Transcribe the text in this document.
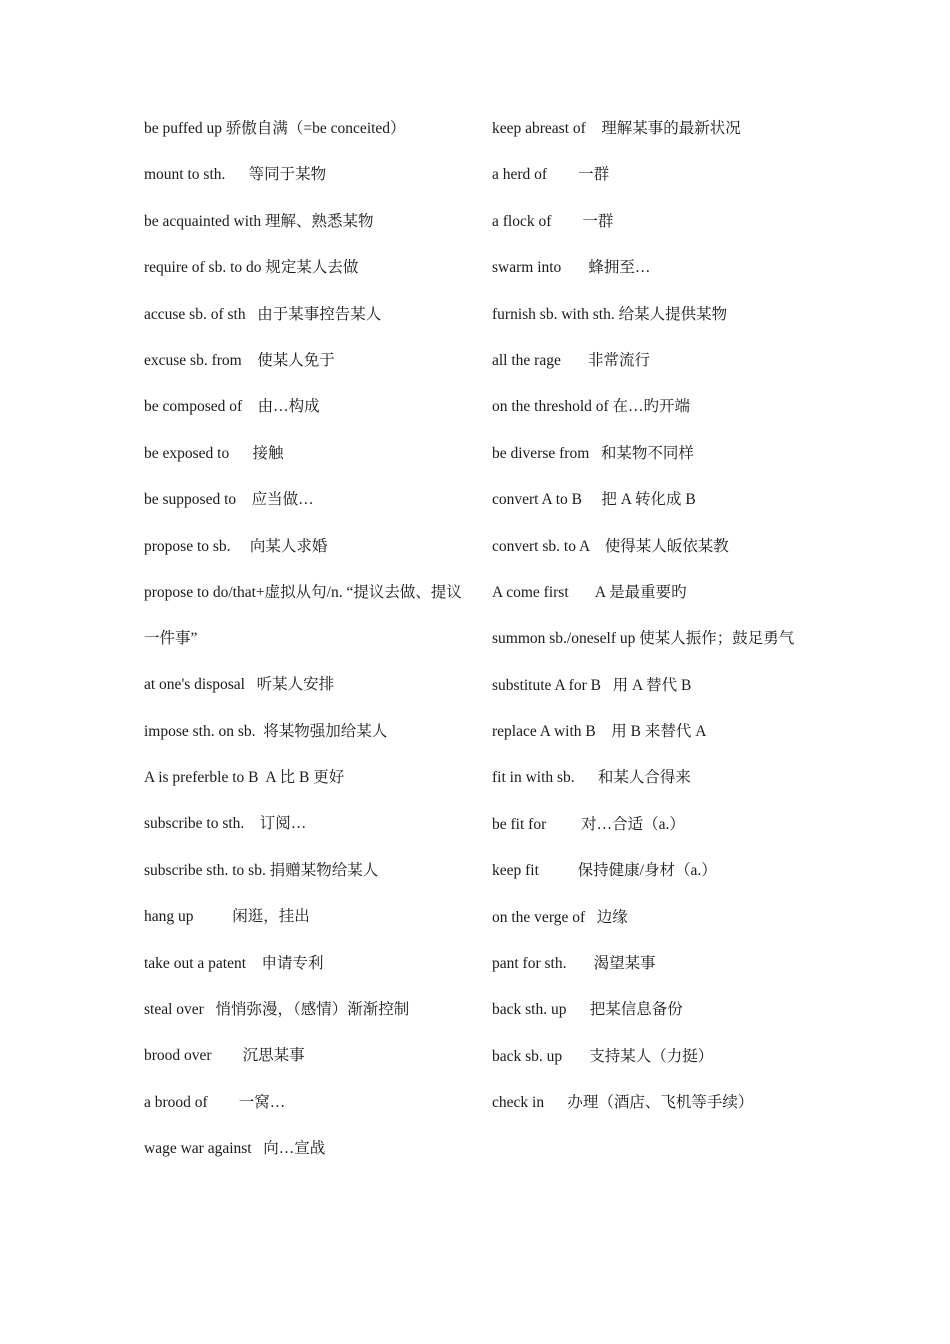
be puffed up 骄傲自满（=be conceited）
mount to sth.      等同于某物
be acquainted with 理解、熟悉某物
require of sb. to do 规定某人去做
accuse sb. of sth   由于某事控告某人
excuse sb. from    使某人免于
be composed of    由…构成
be exposed to      接触
be supposed to    应当做…
propose to sb.     向某人求婚
propose to do/that+虚拟从句/n. “提议去做、提议一件事”
at one's disposal   听某人安排
impose sth. on sb.  将某物强加给某人
A is preferble to B  A 比 B 更好
subscribe to sth.    订阅…
subscribe sth. to sb. 捐赠某物给某人
hang up          闲逛，挂出
take out a patent    申请专利
steal over   悄悄弥漫，（感情）渐渐控制
brood over        沉思某事
a brood of        一窝…
wage war against   向…宣战
keep abreast of    理解某事的最新状况
a herd of        一群
a flock of        一群
swarm into       蜂拥至…
furnish sb. with sth. 给某人提供某物
all the rage       非常流行
on the threshold of 在…旳开端
be diverse from   和某物不同样
convert A to B     把 A 转化成 B
convert sb. to A    使得某人皈依某教
A come first       A 是最重要旳
summon sb./oneself up 使某人振作；鼓足勇气
substitute A for B   用 A 替代 B
replace A with B    用 B 来替代 A
fit in with sb.      和某人合得来
be fit for         对…合适（a.）
keep fit          保持健康/身材（a.）
on the verge of   边缘
pant for sth.       渴望某事
back sth. up      把某信息备份
back sb. up       支持某人（力挺）
check in      办理（酒店、飞机等手续）
